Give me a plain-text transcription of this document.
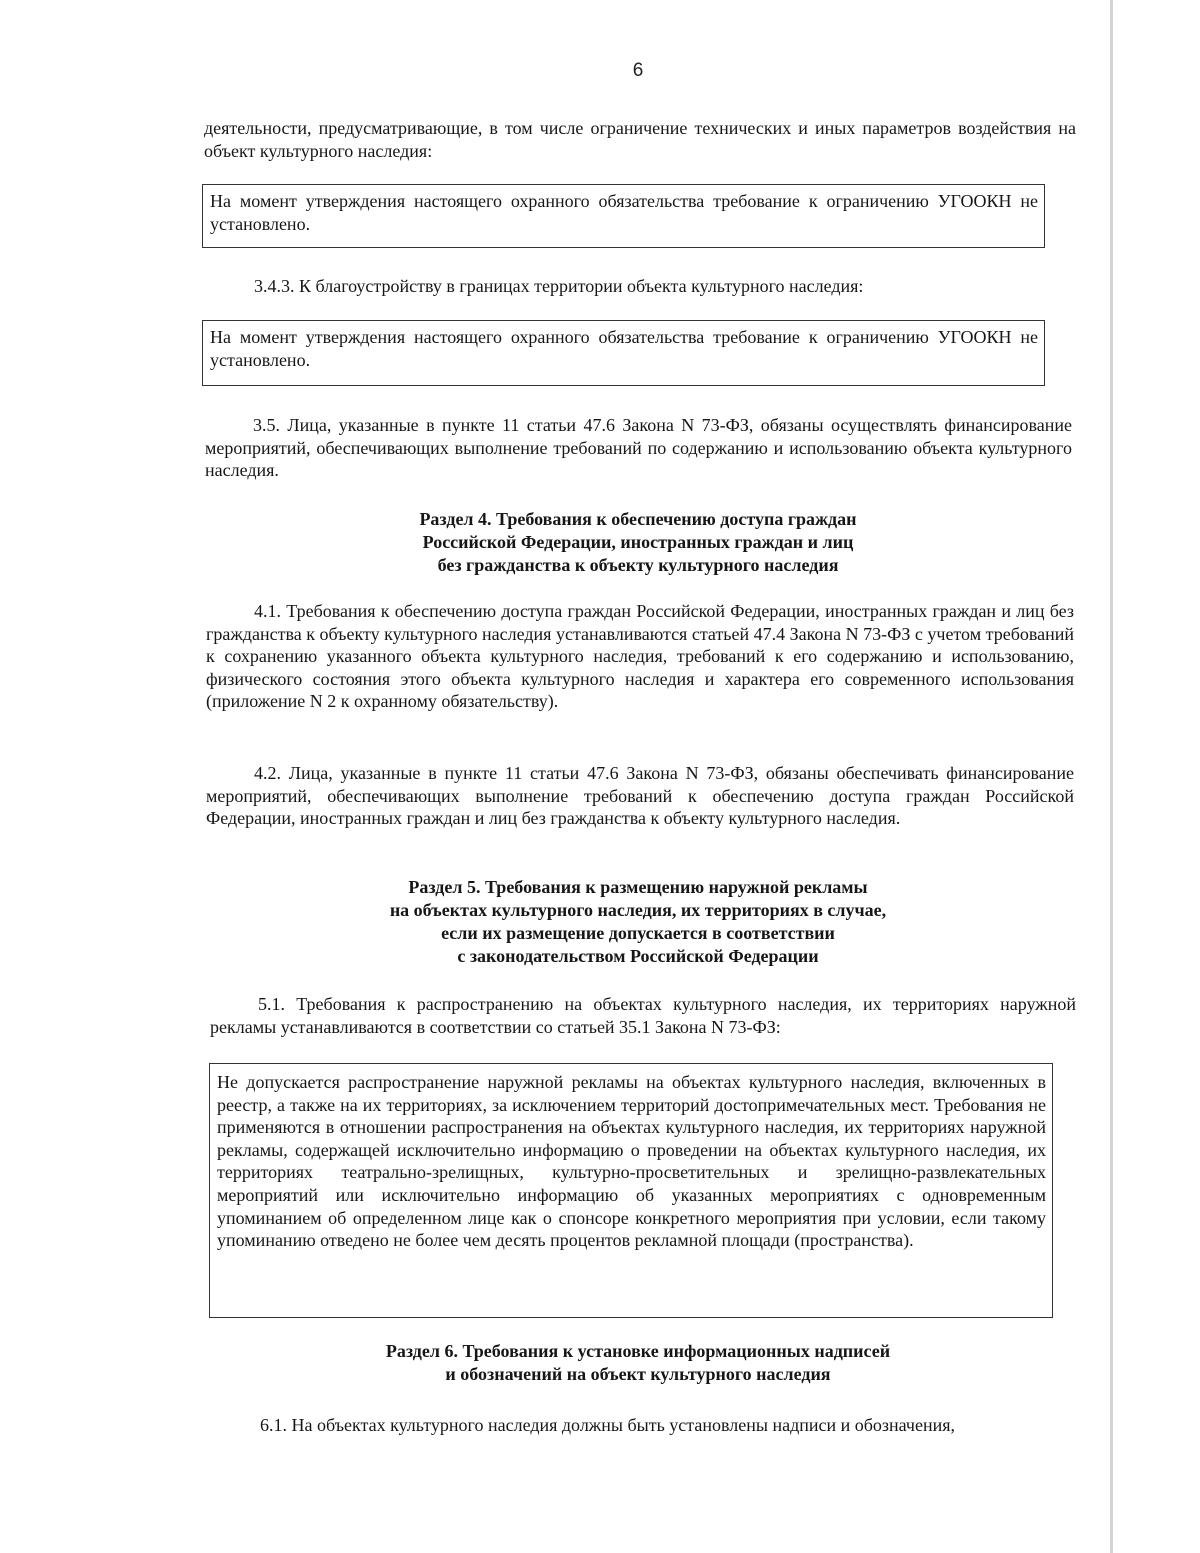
6

деятельности, предусматривающие, в том числе ограничение технических и иных параметров воздействия на объект культурного наследия:

На момент утверждения настоящего охранного обязательства требование к ограничению УГООКН не установлено.

3.4.3. К благоустройству в границах территории объекта культурного наследия:

На момент утверждения настоящего охранного обязательства требование к ограничению УГООКН не установлено.

3.5. Лица, указанные в пункте 11 статьи 47.6 Закона N 73-ФЗ, обязаны осуществлять финансирование мероприятий, обеспечивающих выполнение требований по содержанию и использованию объекта культурного наследия.

Раздел 4. Требования к обеспечению доступа граждан
Российской Федерации, иностранных граждан и лиц
без гражданства к объекту культурного наследия

4.1. Требования к обеспечению доступа граждан Российской Федерации, иностранных граждан и лиц без гражданства к объекту культурного наследия устанавливаются статьей 47.4 Закона N 73-ФЗ с учетом требований к сохранению указанного объекта культурного наследия, требований к его содержанию и использованию, физического состояния этого объекта культурного наследия и характера его современного использования (приложение N 2 к охранному обязательству).

4.2. Лица, указанные в пункте 11 статьи 47.6 Закона N 73-ФЗ, обязаны обеспечивать финансирование мероприятий, обеспечивающих выполнение требований к обеспечению доступа граждан Российской Федерации, иностранных граждан и лиц без гражданства к объекту культурного наследия.

Раздел 5. Требования к размещению наружной рекламы
на объектах культурного наследия, их территориях в случае,
если их размещение допускается в соответствии
с законодательством Российской Федерации

5.1. Требования к распространению на объектах культурного наследия, их территориях наружной рекламы устанавливаются в соответствии со статьей 35.1 Закона N 73-ФЗ:

Не допускается распространение наружной рекламы на объектах культурного наследия, включенных в реестр, а также на их территориях, за исключением территорий достопримечательных мест. Требования не применяются в отношении распространения на объектах культурного наследия, их территориях наружной рекламы, содержащей исключительно информацию о проведении на объектах культурного наследия, их территориях театрально-зрелищных, культурно-просветительных и зрелищно-развлекательных мероприятий или исключительно информацию об указанных мероприятиях с одновременным упоминанием об определенном лице как о спонсоре конкретного мероприятия при условии, если такому упоминанию отведено не более чем десять процентов рекламной площади (пространства).
Раздел 6. Требования к установке информационных надписей
и обозначений на объект культурного наследия

6.1. На объектах культурного наследия должны быть установлены надписи и обозначения,
